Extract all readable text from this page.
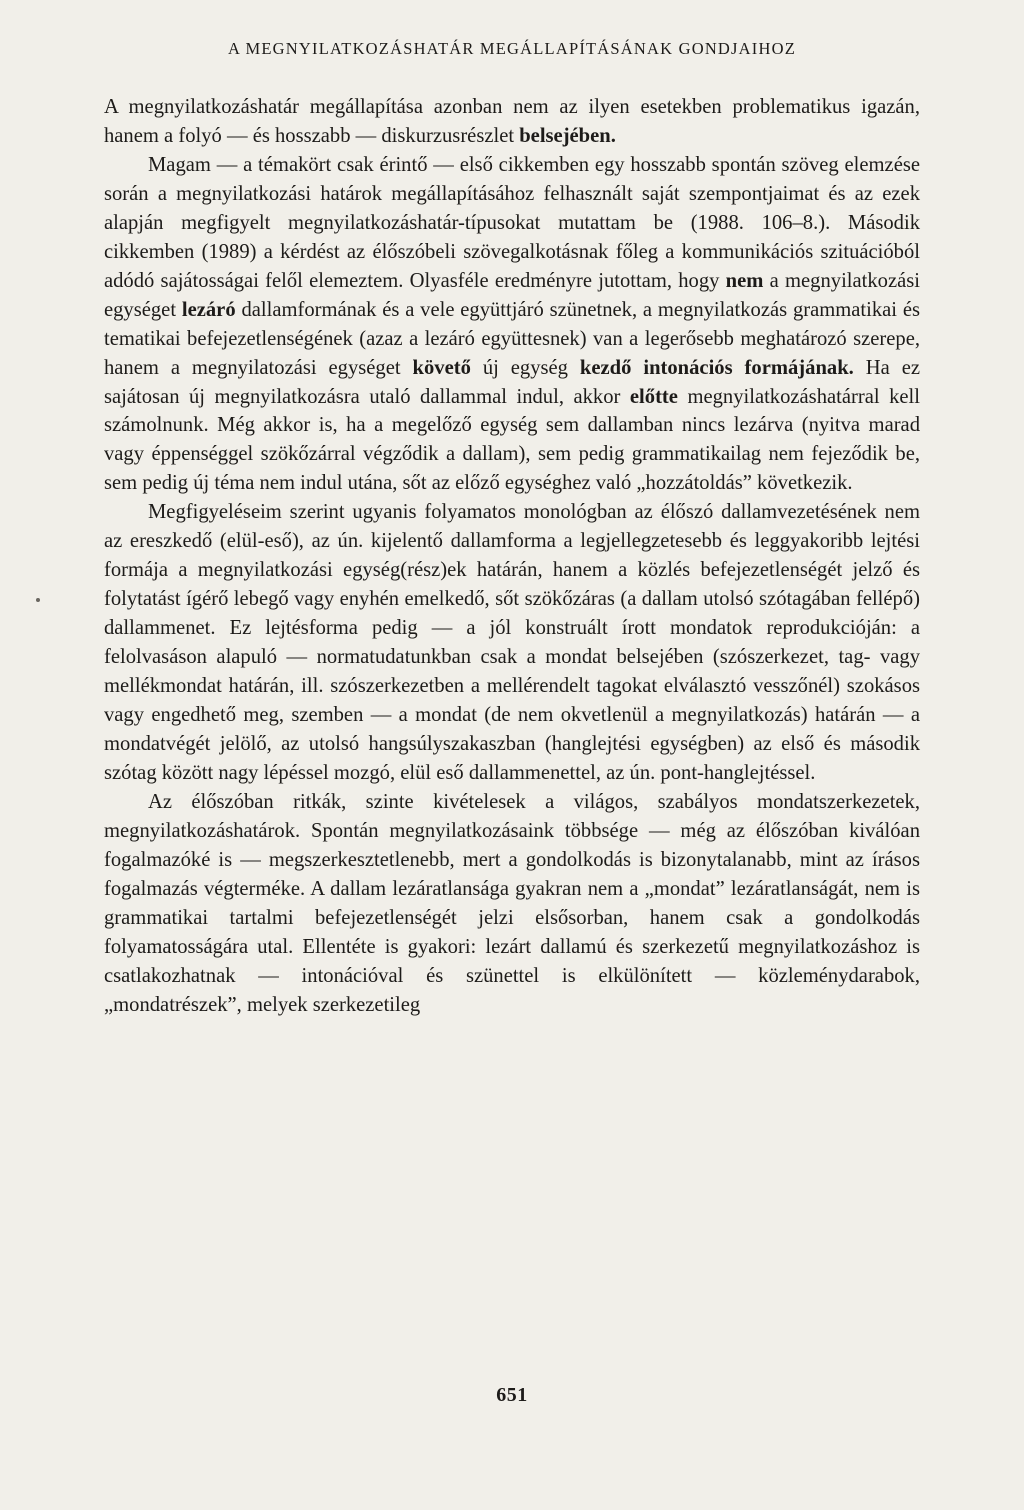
A MEGNYILATKOZÁSHATÁR MEGÁLLAPÍTÁSÁNAK GONDJAIHOZ

A megnyilatkozáshatár megállapítása azonban nem az ilyen esetekben problematikus igazán, hanem a folyó — és hosszabb — diskurzusrészlet belsejében.

Magam — a témakört csak érintő — első cikkemben egy hosszabb spontán szöveg elemzése során a megnyilatkozási határok megállapításához felhasznált saját szempontjaimat és az ezek alapján megfigyelt megnyilatkozáshatár-típusokat mutattam be (1988. 106–8.). Második cikkemben (1989) a kérdést az élőszóbeli szövegalkotásnak főleg a kommunikációs szituációból adódó sajátosságai felől elemeztem. Olyasféle eredményre jutottam, hogy nem a megnyilatkozási egységet lezáró dallamformának és a vele együttjáró szünetnek, a megnyilatkozás grammatikai és tematikai befejezetlenségének (azaz a lezáró együttesnek) van a legerősebb meghatározó szerepe, hanem a megnyilatozási egységet követő új egység kezdő intonációs formájának. Ha ez sajátosan új megnyilatkozásra utaló dallammal indul, akkor előtte megnyilatkozáshatárral kell számolnunk. Még akkor is, ha a megelőző egység sem dallamban nincs lezárva (nyitva marad vagy éppenséggel szökőzárral végződik a dallam), sem pedig grammatikailag nem fejeződik be, sem pedig új téma nem indul utána, sőt az előző egységhez való „hozzátoldás” következik.

Megfigyeléseim szerint ugyanis folyamatos monológban az élőszó dallamvezetésének nem az ereszkedő (elül-eső), az ún. kijelentő dallamforma a legjellegzetesebb és leggyakoribb lejtési formája a megnyilatkozási egység(rész)ek határán, hanem a közlés befejezetlenségét jelző és folytatást ígérő lebegő vagy enyhén emelkedő, sőt szökőzáras (a dallam utolsó szótagában fellépő) dallammenet. Ez lejtésforma pedig — a jól konstruált írott mondatok reprodukcióján: a felolvasáson alapuló — normatudatunkban csak a mondat belsejében (szószerkezet, tag- vagy mellékmondat határán, ill. szószerkezetben a mellérendelt tagokat elválasztó vesszőnél) szokásos vagy engedhető meg, szemben — a mondat (de nem okvetlenül a megnyilatkozás) határán — a mondatvégét jelölő, az utolsó hangsúlyszakaszban (hanglejtési egységben) az első és második szótag között nagy lépéssel mozgó, elül eső dallammenettel, az ún. pont-hanglejtéssel.

Az élőszóban ritkák, szinte kivételesek a világos, szabályos mondatszerkezetek, megnyilatkozáshatárok. Spontán megnyilatkozásaink többsége — még az élőszóban kiválóan fogalmazóké is — megszerkesztetlenebb, mert a gondolkodás is bizonytalanabb, mint az írásos fogalmazás végterméke. A dallam lezáratlansága gyakran nem a „mondat” lezáratlanságát, nem is grammatikai tartalmi befejezetlenségét jelzi elsősorban, hanem csak a gondolkodás folyamatosságára utal. Ellentéte is gyakori: lezárt dallamú és szerkezetű megnyilatkozáshoz is csatlakozhatnak — intonációval és szünettel is elkülönített — közleménydarabok, „mondatrészek”, melyek szerkezetileg

651
